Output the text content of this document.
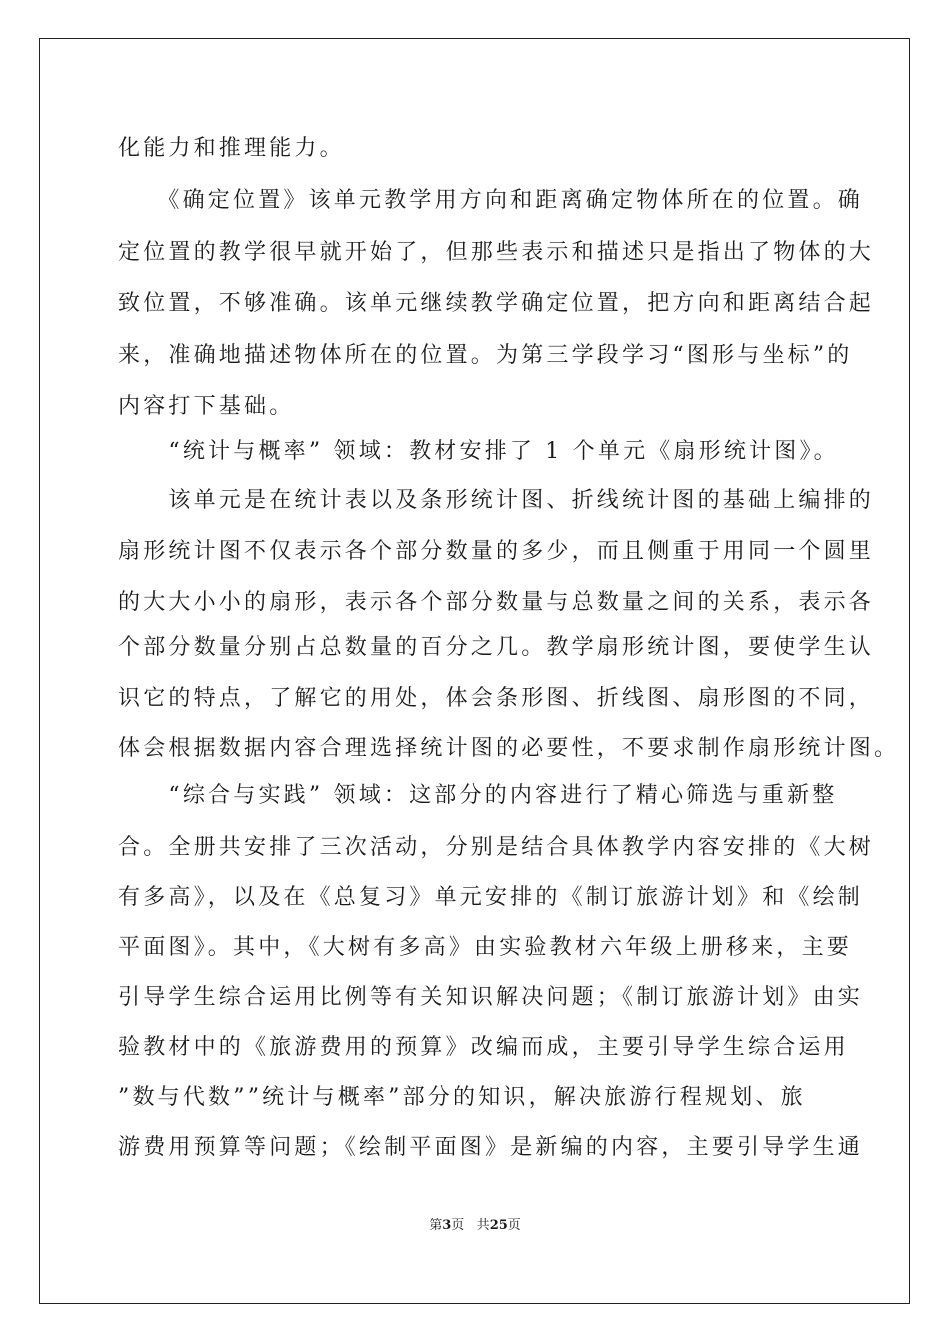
化能力和推理能力。
　　《确定位置》该单元教学用方向和距离确定物体所在的位置。确
定位置的教学很早就开始了，但那些表示和描述只是指出了物体的大
致位置，不够准确。该单元继续教学确定位置，把方向和距离结合起
来，准确地描述物体所在的位置。为第三学段学习“图形与坐标”的
内容打下基础。
　　“统计与概率” 领域：教材安排了 1 个单元《扇形统计图》。
　　该单元是在统计表以及条形统计图、折线统计图的基础上编排的
扇形统计图不仅表示各个部分数量的多少，而且侧重于用同一个圆里
的大大小小的扇形，表示各个部分数量与总数量之间的关系，表示各
个部分数量分别占总数量的百分之几。教学扇形统计图，要使学生认
识它的特点，了解它的用处，体会条形图、折线图、扇形图的不同，
体会根据数据内容合理选择统计图的必要性，不要求制作扇形统计图。
　　“综合与实践” 领域：这部分的内容进行了精心筛选与重新整
合。全册共安排了三次活动，分别是结合具体教学内容安排的《大树
有多高》，以及在《总复习》单元安排的《制订旅游计划》和《绘制
平面图》。其中，《大树有多高》由实验教材六年级上册移来，主要
引导学生综合运用比例等有关知识解决问题；《制订旅游计划》由实
验教材中的《旅游费用的预算》改编而成，主要引导学生综合运用
”数与代数””统计与概率”部分的知识，解决旅游行程规划、旅
游费用预算等问题；《绘制平面图》是新编的内容，主要引导学生通
第3页 共25页
